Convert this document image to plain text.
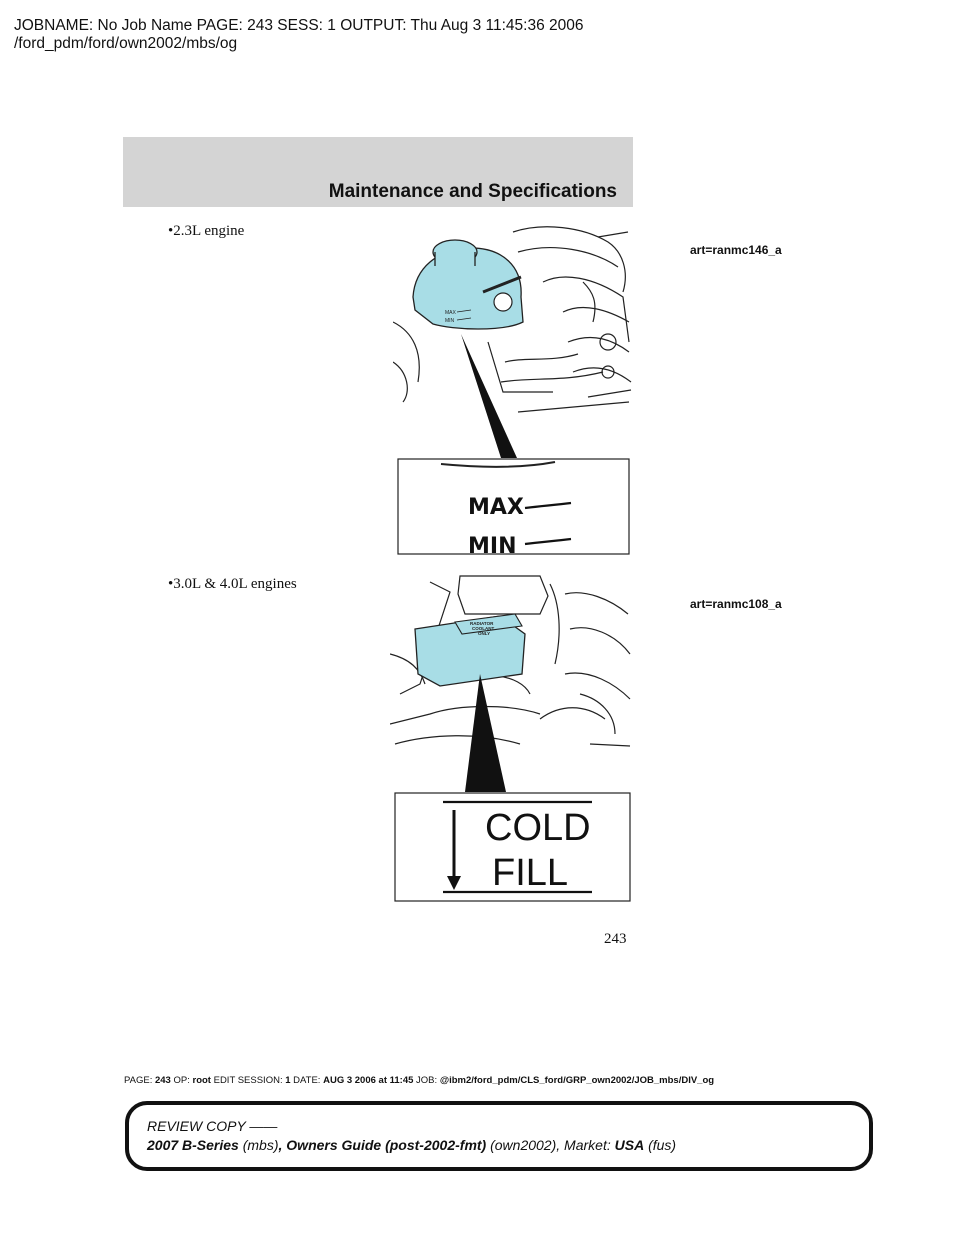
JOBNAME: No Job Name PAGE: 243 SESS: 1 OUTPUT: Thu Aug 3 11:45:36 2006
/ford_pdm/ford/own2002/mbs/og
Maintenance and Specifications
•2.3L engine
art=ranmc146_a
MAX
MIN
MAX
MIN
•3.0L & 4.0L engines
art=ranmc108_a
RADIATOR
COOLANT
ONLY
COLD
FILL
243
PAGE: 243 OP: root EDIT SESSION: 1 DATE: AUG 3 2006 at 11:45 JOB: @ibm2/ford_pdm/CLS_ford/GRP_own2002/JOB_mbs/DIV_og
REVIEW COPY ——
2007 B-Series (mbs), Owners Guide (post-2002-fmt) (own2002), Market: USA (fus)
